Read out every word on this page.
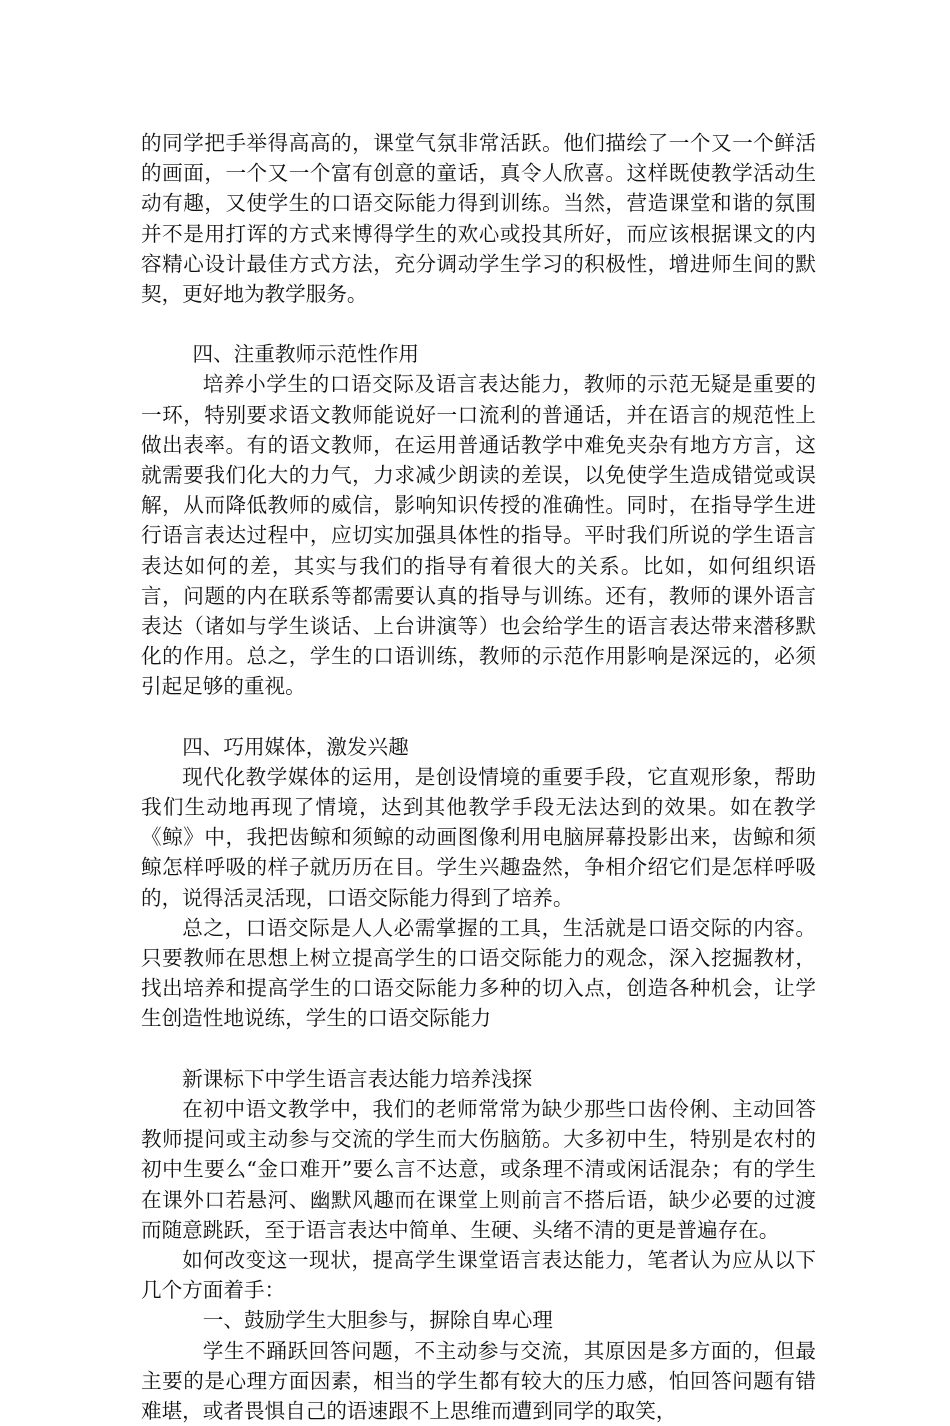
的同学把手举得高高的，课堂气氛非常活跃。他们描绘了一个又一个鲜活的画面，一个又一个富有创意的童话，真令人欣喜。这样既使教学活动生动有趣，又使学生的口语交际能力得到训练。当然，营造课堂和谐的氛围并不是用打诨的方式来博得学生的欢心或投其所好，而应该根据课文的内容精心设计最佳方式方法，充分调动学生学习的积极性，增进师生间的默契，更好地为教学服务。

四、注重教师示范性作用

培养小学生的口语交际及语言表达能力，教师的示范无疑是重要的一环，特别要求语文教师能说好一口流利的普通话，并在语言的规范性上做出表率。有的语文教师，在运用普通话教学中难免夹杂有地方方言，这就需要我们化大的力气，力求减少朗读的差误，以免使学生造成错觉或误解，从而降低教师的威信，影响知识传授的准确性。同时，在指导学生进行语言表达过程中，应切实加强具体性的指导。平时我们所说的学生语言表达如何的差，其实与我们的指导有着很大的关系。比如，如何组织语言，问题的内在联系等都需要认真的指导与训练。还有，教师的课外语言表达（诸如与学生谈话、上台讲演等）也会给学生的语言表达带来潜移默化的作用。总之，学生的口语训练，教师的示范作用影响是深远的，必须引起足够的重视。

四、巧用媒体，激发兴趣

现代化教学媒体的运用，是创设情境的重要手段，它直观形象，帮助我们生动地再现了情境，达到其他教学手段无法达到的效果。如在教学《鲸》中，我把齿鲸和须鲸的动画图像利用电脑屏幕投影出来，齿鲸和须鲸怎样呼吸的样子就历历在目。学生兴趣盎然，争相介绍它们是怎样呼吸的，说得活灵活现，口语交际能力得到了培养。

总之，口语交际是人人必需掌握的工具，生活就是口语交际的内容。只要教师在思想上树立提高学生的口语交际能力的观念，深入挖掘教材，找出培养和提高学生的口语交际能力多种的切入点，创造各种机会，让学生创造性地说练，学生的口语交际能力

新课标下中学生语言表达能力培养浅探

在初中语文教学中，我们的老师常常为缺少那些口齿伶俐、主动回答教师提问或主动参与交流的学生而大伤脑筋。大多初中生，特别是农村的初中生要么“金口难开”要么言不达意，或条理不清或闲话混杂；有的学生在课外口若悬河、幽默风趣而在课堂上则前言不搭后语，缺少必要的过渡而随意跳跃，至于语言表达中简单、生硬、头绪不清的更是普遍存在。

如何改变这一现状，提高学生课堂语言表达能力，笔者认为应从以下几个方面着手：

一、鼓励学生大胆参与，摒除自卑心理

学生不踊跃回答问题，不主动参与交流，其原因是多方面的，但最主要的是心理方面因素，相当的学生都有较大的压力感，怕回答问题有错难堪，或者畏惧自己的语速跟不上思维而遭到同学的取笑，
